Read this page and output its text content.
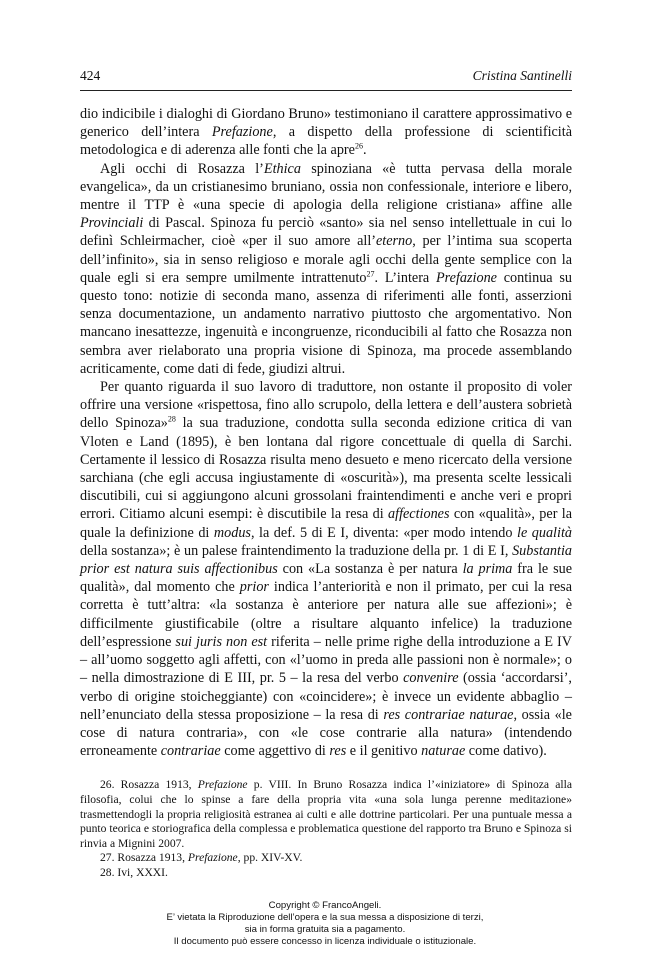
424	Cristina Santinelli

dio indicibile i dialoghi di Giordano Bruno» testimoniano il carattere approssimativo e generico dell’intera Prefazione, a dispetto della professione di scientificità metodologica e di aderenza alle fonti che la apre$^{26}$.

Agli occhi di Rosazza l’Ethica spinoziana «è tutta pervasa della morale evangelica», da un cristianesimo bruniano, ossia non confessionale, interiore e libero, mentre il TTP è «una specie di apologia della religione cristiana» affine alle Provinciali di Pascal. Spinoza fu perciò «santo» sia nel senso intellettuale in cui lo definì Schleirmacher, cioè «per il suo amore all’eterno, per l’intima sua scoperta dell’infinito», sia in senso religioso e morale agli occhi della gente semplice con la quale egli si era sempre umilmente intrattenuto$^{27}$. L’intera Prefazione continua su questo tono: notizie di seconda mano, assenza di riferimenti alle fonti, asserzioni senza documentazione, un andamento narrativo piuttosto che argomentativo. Non mancano inesattezze, ingenuità e incongruenze, riconducibili al fatto che Rosazza non sembra aver rielaborato una propria visione di Spinoza, ma procede assemblando acriticamente, come dati di fede, giudizi altrui.

Per quanto riguarda il suo lavoro di traduttore, non ostante il proposito di voler offrire una versione «rispettosa, fino allo scrupolo, della lettera e dell’austera sobrietà dello Spinoza»$^{28}$ la sua traduzione, condotta sulla seconda edizione critica di van Vloten e Land (1895), è ben lontana dal rigore concettuale di quella di Sarchi. Certamente il lessico di Rosazza risulta meno desueto e meno ricercato della versione sarchiana (che egli accusa ingiustamente di «oscurità»), ma presenta scelte lessicali discutibili, cui si aggiungono alcuni grossolani fraintendimenti e anche veri e propri errori. Citiamo alcuni esempi: è discutibile la resa di affectiones con «qualità», per la quale la definizione di modus, la def. 5 di E I, diventa: «per modo intendo le qualità della sostanza»; è un palese fraintendimento la traduzione della pr. 1 di E I, Substantia prior est natura suis affectionibus con «La sostanza è per natura la prima fra le sue qualità», dal momento che prior indica l’anteriorità e non il primato, per cui la resa corretta è tutt’altra: «la sostanza è anteriore per natura alle sue affezioni»; è difficilmente giustificabile (oltre a risultare alquanto infelice) la traduzione dell’espressione sui juris non est riferita – nelle prime righe della introduzione a E IV – all’uomo soggetto agli affetti, con «l’uomo in preda alle passioni non è normale»; o – nella dimostrazione di E III, pr. 5 – la resa del verbo convenire (ossia ‘accordarsi’, verbo di origine stoicheggiante) con «coincidere»; è invece un evidente abbaglio – nell’enunciato della stessa proposizione – la resa di res contrariae naturae, ossia «le cose di natura contraria», con «le cose contrarie alla natura» (intendendo erroneamente contrariae come aggettivo di res e il genitivo naturae come dativo).

26. Rosazza 1913, Prefazione p. VIII. In Bruno Rosazza indica l’«iniziatore» di Spinoza alla filosofia, colui che lo spinse a fare della propria vita «una sola lunga perenne meditazione» trasmettendogli la propria religiosità estranea ai culti e alle dottrine particolari. Per una puntuale messa a punto teorica e storiografica della complessa e problematica questione del rapporto tra Bruno e Spinoza si rinvia a Mignini 2007.

27. Rosazza 1913, Prefazione, pp. XIV-XV.

28. Ivi, XXXI.

Copyright © FrancoAngeli.
E’ vietata la Riproduzione dell’opera e la sua messa a disposizione di terzi,
sia in forma gratuita sia a pagamento.
Il documento può essere concesso in licenza individuale o istituzionale.
